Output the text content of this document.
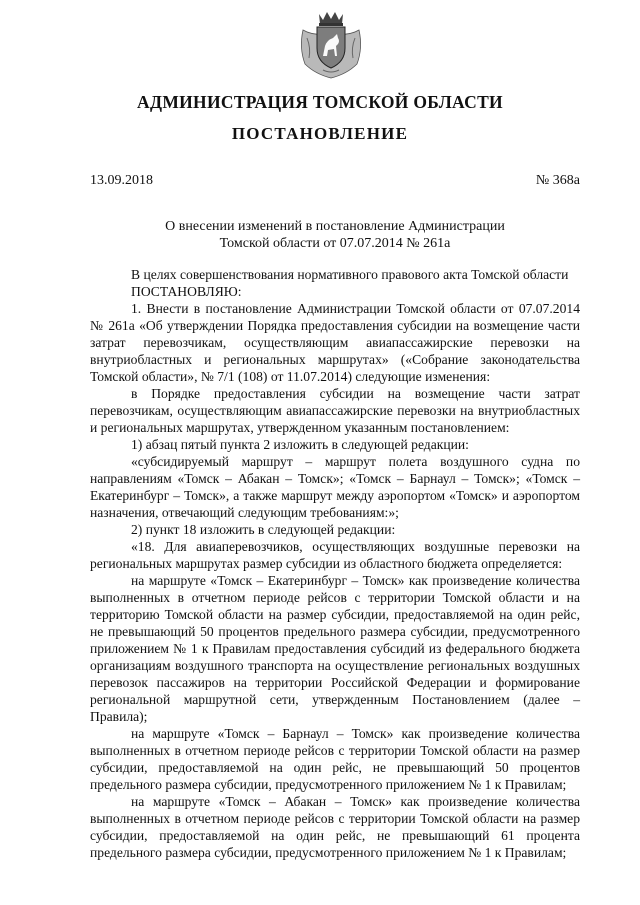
АДМИНИСТРАЦИЯ ТОМСКОЙ ОБЛАСТИ
ПОСТАНОВЛЕНИЕ
13.09.2018	№ 368а
О внесении изменений в постановление Администрации
Томской области от 07.07.2014 № 261а

В целях совершенствования нормативного правового акта Томской области

ПОСТАНОВЛЯЮ:

1. Внести в постановление Администрации Томской области от 07.07.2014 № 261а «Об утверждении Порядка предоставления субсидии на возмещение части затрат перевозчикам, осуществляющим авиапассажирские перевозки на внутриобластных и региональных маршрутах» («Собрание законодательства Томской области», № 7/1 (108) от 11.07.2014) следующие изменения:

в Порядке предоставления субсидии на возмещение части затрат перевозчикам, осуществляющим авиапассажирские перевозки на внутриобластных и региональных маршрутах, утвержденном указанным постановлением:

1) абзац пятый пункта 2 изложить в следующей редакции:

«субсидируемый маршрут – маршрут полета воздушного судна по направлениям «Томск – Абакан – Томск»; «Томск – Барнаул – Томск»; «Томск – Екатеринбург – Томск», а также маршрут между аэропортом «Томск» и аэропортом назначения, отвечающий следующим требованиям:»;

2) пункт 18 изложить в следующей редакции:

«18. Для авиаперевозчиков, осуществляющих воздушные перевозки на региональных маршрутах размер субсидии из областного бюджета определяется:

на маршруте «Томск – Екатеринбург – Томск» как произведение количества выполненных в отчетном периоде рейсов с территории Томской области и на территорию Томской области на размер субсидии, предоставляемой на один рейс, не превышающий 50 процентов предельного размера субсидии, предусмотренного приложением № 1 к Правилам предоставления субсидий из федерального бюджета организациям воздушного транспорта на осуществление региональных воздушных перевозок пассажиров на территории Российской Федерации и формирование региональной маршрутной сети, утвержденным Постановлением (далее – Правила);

на маршруте «Томск – Барнаул – Томск» как произведение количества выполненных в отчетном периоде рейсов с территории Томской области на размер субсидии, предоставляемой на один рейс, не превышающий 50 процентов предельного размера субсидии, предусмотренного приложением № 1 к Правилам;

на маршруте «Томск – Абакан – Томск» как произведение количества выполненных в отчетном периоде рейсов с территории Томской области на размер субсидии, предоставляемой на один рейс, не превышающий 61 процента предельного размера субсидии, предусмотренного приложением № 1 к Правилам;
